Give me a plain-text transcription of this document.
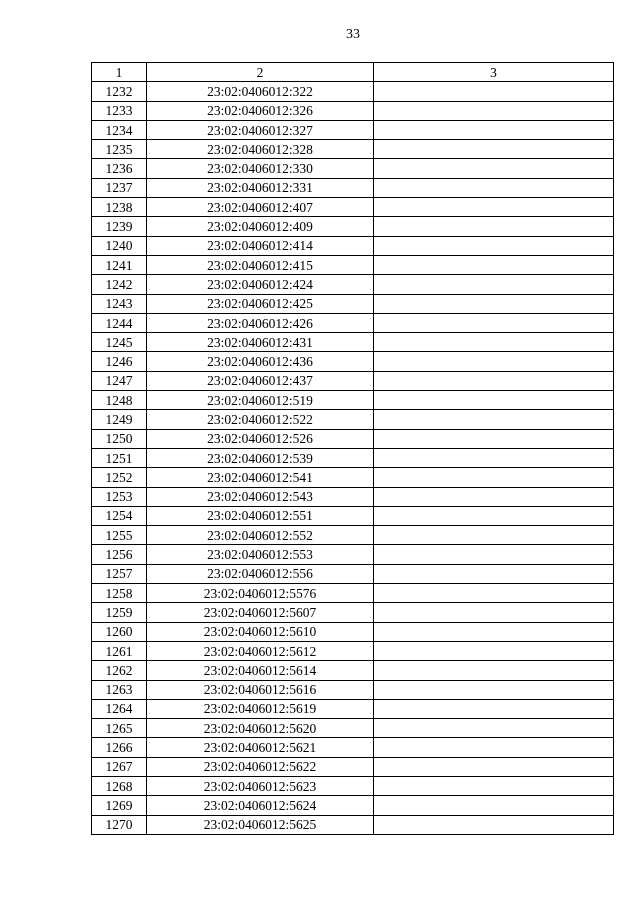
33
1	2	3
1232	23:02:0406012:322	
1233	23:02:0406012:326	
1234	23:02:0406012:327	
1235	23:02:0406012:328	
1236	23:02:0406012:330	
1237	23:02:0406012:331	
1238	23:02:0406012:407	
1239	23:02:0406012:409	
1240	23:02:0406012:414	
1241	23:02:0406012:415	
1242	23:02:0406012:424	
1243	23:02:0406012:425	
1244	23:02:0406012:426	
1245	23:02:0406012:431	
1246	23:02:0406012:436	
1247	23:02:0406012:437	
1248	23:02:0406012:519	
1249	23:02:0406012:522	
1250	23:02:0406012:526	
1251	23:02:0406012:539	
1252	23:02:0406012:541	
1253	23:02:0406012:543	
1254	23:02:0406012:551	
1255	23:02:0406012:552	
1256	23:02:0406012:553	
1257	23:02:0406012:556	
1258	23:02:0406012:5576	
1259	23:02:0406012:5607	
1260	23:02:0406012:5610	
1261	23:02:0406012:5612	
1262	23:02:0406012:5614	
1263	23:02:0406012:5616	
1264	23:02:0406012:5619	
1265	23:02:0406012:5620	
1266	23:02:0406012:5621	
1267	23:02:0406012:5622	
1268	23:02:0406012:5623	
1269	23:02:0406012:5624	
1270	23:02:0406012:5625	
